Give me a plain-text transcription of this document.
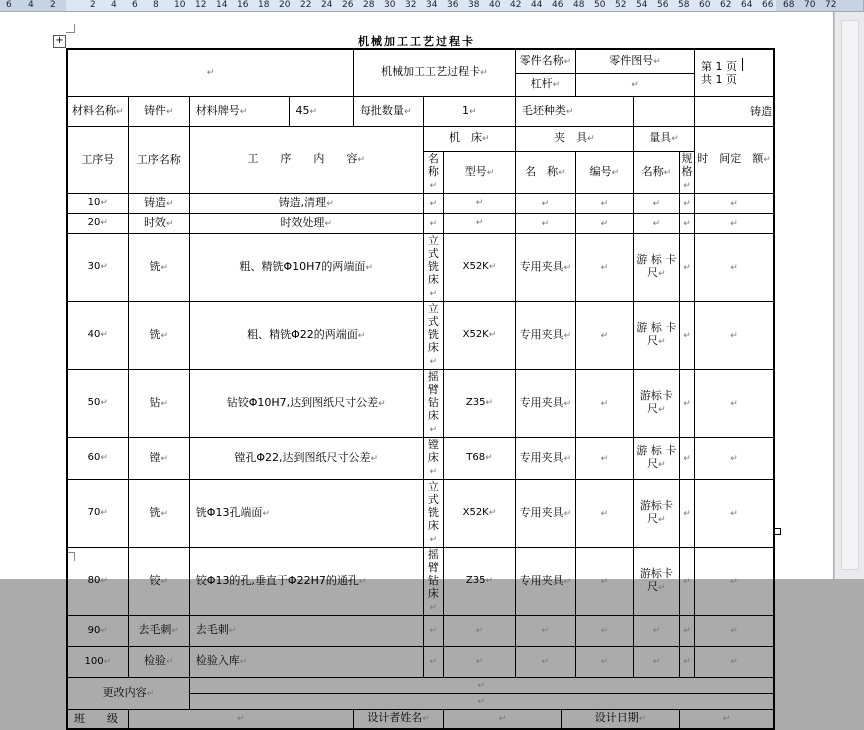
6 4 2	2 4 6 8 10 12 14 16 18 20 22 24 26 28 30 32 34 36 38 40 42 44 46 48 50 52 54 56 58 60 62 64 66 68 70 72
+	机械加工工艺过程卡
↵				机械加工工艺过程卡↵			零件名称↵		零件图号↵			第 1 页
共 1 页

							杠杆↵		↵			
材料名称↵	铸件↵	材料牌号↵	45↵	每批数量↵	1↵		毛坯种类↵					铸造
工序号	工序名称	工　　序　　内　　容↵			机　床↵		夹　具↵			量具↵		时　间定　额↵
					名　称↵	型号↵	名　称↵		编号↵	名称↵	规格↵	
10↵	铸造↵	铸造,清理↵			↵	↵	↵		↵	↵	↵	↵
20↵	时效↵	时效处理↵			↵	↵	↵		↵	↵	↵	↵
30↵	铣↵	粗、精铣Φ10H7的两端面↵			立式铣床↵	X52K↵	专用夹具↵		↵	游 标 卡 尺↵	↵	↵
40↵	铣↵	粗、精铣Φ22的两端面↵			立式铣床↵	X52K↵	专用夹具↵		↵	游 标 卡 尺↵	↵	↵
50↵	钻↵	钻铰Φ10H7,达到图纸尺寸公差↵			摇臂钻床↵	Z35↵	专用夹具↵		↵	游标卡尺↵	↵	↵
60↵	镗↵	镗孔Φ22,达到图纸尺寸公差↵			镗床↵	T68↵	专用夹具↵		↵	游 标 卡 尺↵	↵	↵
70↵	铣↵	铣Φ13孔端面↵			立式铣床↵	X52K↵	专用夹具↵		↵	游标卡尺↵	↵	↵
80↵	铰↵	铰Φ13的孔,垂直于Φ22H7的通孔↵			摇臂钻床↵	Z35↵	专用夹具↵		↵	游标卡尺↵	↵	↵
90↵	去毛刺↵	去毛刺↵			↵	↵	↵		↵	↵	↵	↵
100↵	检验↵	检验入库↵			↵	↵	↵		↵	↵	↵	↵
更改内容↵		↵										
		↵										
班　　级	↵			设计者姓名↵		↵		设计日期↵			↵	
